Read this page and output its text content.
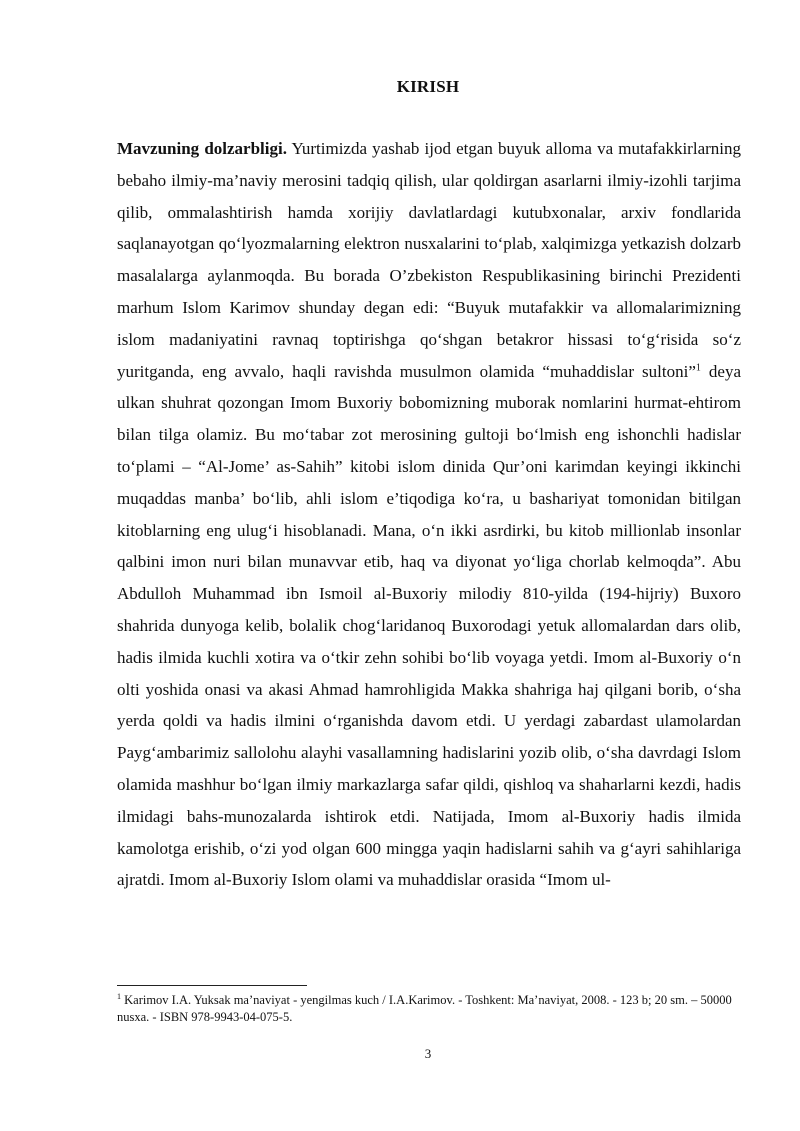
KIRISH
Mavzuning dolzarbligi. Yurtimizda yashab ijod etgan buyuk alloma va mutafakkirlarning bebaho ilmiy-ma’naviy merosini tadqiq qilish, ular qoldirgan asarlarni ilmiy-izohli tarjima qilib, ommalashtirish hamda xorijiy davlatlardagi kutubxonalar, arxiv fondlarida saqlanayotgan qo‘lyozmalarning elektron nusxalarini to‘plab, xalqimizga yetkazish dolzarb masalalarga aylanmoqda. Bu borada O’zbekiston Respublikasining birinchi Prezidenti marhum Islom Karimov shunday degan edi: “Buyuk mutafakkir va allomalarimizning islom madaniyatini ravnaq toptirishga qo‘shgan betakror hissasi to‘g‘risida so‘z yuritganda, eng avvalo, haqli ravishda musulmon olamida “muhaddislar sultoni”$^1$ deya ulkan shuhrat qozongan Imom Buxoriy bobomizning muborak nomlarini hurmat-ehtirom bilan tilga olamiz. Bu mo‘tabar zot merosining gultoji bo‘lmish eng ishonchli hadislar to‘plami – “Al-Jome’ as-Sahih” kitobi islom dinida Qur’oni karimdan keyingi ikkinchi muqaddas manba’ bo‘lib, ahli islom e’tiqodiga ko‘ra, u bashariyat tomonidan bitilgan kitoblarning eng ulug‘i hisoblanadi. Mana, o‘n ikki asrdirki, bu kitob millionlab insonlar qalbini imon nuri bilan munavvar etib, haq va diyonat yo‘liga chorlab kelmoqda”. Abu Abdulloh Muhammad ibn Ismoil al-Buxoriy milodiy 810-yilda (194-hijriy) Buxoro shahrida dunyoga kelib, bolalik chog‘laridanoq Buxorodagi yetuk allomalardan dars olib, hadis ilmida kuchli xotira va o‘tkir zehn sohibi bo‘lib voyaga yetdi. Imom al-Buxoriy o‘n olti yoshida onasi va akasi Ahmad hamrohligida Makka shahriga haj qilgani borib, o‘sha yerda qoldi va hadis ilmini o‘rganishda davom etdi. U yerdagi zabardast ulamolardan Payg‘ambarimiz sallolohu alayhi vasallamning hadislarini yozib olib, o‘sha davrdagi Islom olamida mashhur bo‘lgan ilmiy markazlarga safar qildi, qishloq va shaharlarni kezdi, hadis ilmidagi bahs-munozalarda ishtirok etdi. Natijada, Imom al-Buxoriy hadis ilmida kamolotga erishib, o‘zi yod olgan 600 mingga yaqin hadislarni sahih va g‘ayri sahihlariga ajratdi. Imom al-Buxoriy Islom olami va muhaddislar orasida “Imom ul-
$^1$ Karimov I.A. Yuksak ma’naviyat - yengilmas kuch / I.A.Karimov. - Toshkent: Ma’naviyat, 2008. - 123 b; 20 sm. – 50000 nusxa. - ISBN 978-9943-04-075-5.
3
